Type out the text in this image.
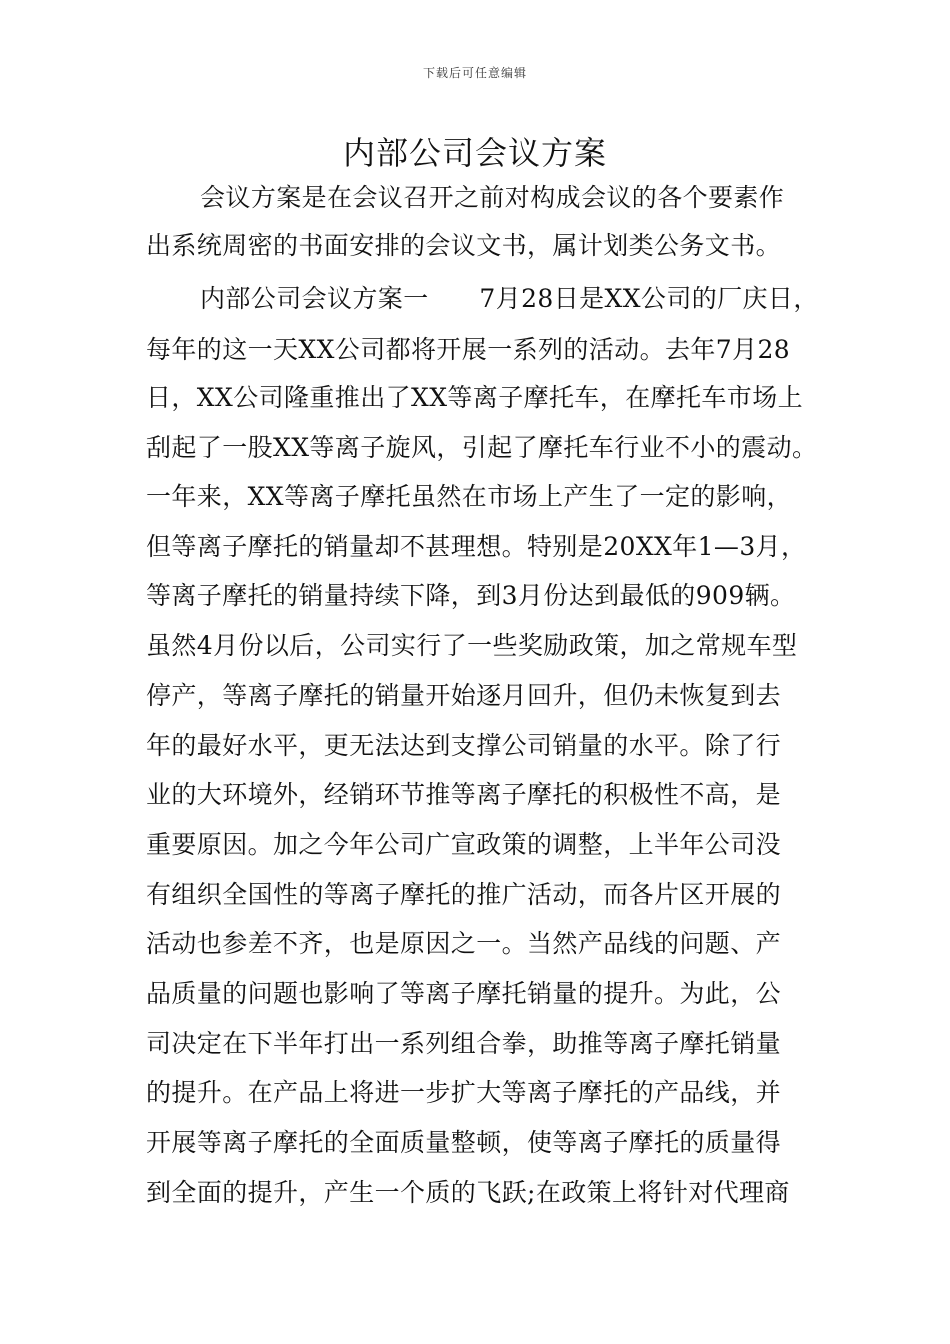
下载后可任意编辑
内部公司会议方案
会议方案是在会议召开之前对构成会议的各个要素作
出系统周密的书面安排的会议文书，属计划类公务文书。
内部公司会议方案一　　7月28日是XX公司的厂庆日，
每年的这一天XX公司都将开展一系列的活动。去年7月28
日，XX公司隆重推出了XX等离子摩托车，在摩托车市场上
刮起了一股XX等离子旋风，引起了摩托车行业不小的震动。
一年来，XX等离子摩托虽然在市场上产生了一定的影响，
但等离子摩托的销量却不甚理想。特别是20XX年1—3月，
等离子摩托的销量持续下降，到3月份达到最低的909辆。
虽然4月份以后，公司实行了一些奖励政策，加之常规车型
停产，等离子摩托的销量开始逐月回升，但仍未恢复到去
年的最好水平，更无法达到支撑公司销量的水平。除了行
业的大环境外，经销环节推等离子摩托的积极性不高，是
重要原因。加之今年公司广宣政策的调整，上半年公司没
有组织全国性的等离子摩托的推广活动，而各片区开展的
活动也参差不齐，也是原因之一。当然产品线的问题、产
品质量的问题也影响了等离子摩托销量的提升。为此，公
司决定在下半年打出一系列组合拳，助推等离子摩托销量
的提升。在产品上将进一步扩大等离子摩托的产品线，并
开展等离子摩托的全面质量整顿，使等离子摩托的质量得
到全面的提升，产生一个质的飞跃;在政策上将针对代理商
